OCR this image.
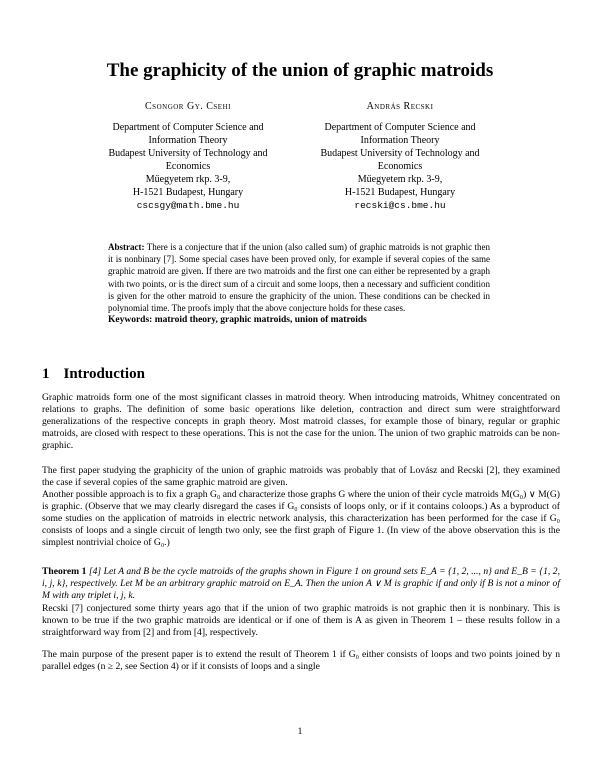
The graphicity of the union of graphic matroids
Csongor Gy. Csehi
Department of Computer Science and
Information Theory
Budapest University of Technology and
Economics
Műegyetem rkp. 3-9,
H-1521 Budapest, Hungary
cscsgy@math.bme.hu
András Recski
Department of Computer Science and
Information Theory
Budapest University of Technology and
Economics
Műegyetem rkp. 3-9,
H-1521 Budapest, Hungary
recski@cs.bme.hu
Abstract: There is a conjecture that if the union (also called sum) of graphic matroids is not graphic then it is nonbinary [7]. Some special cases have been proved only, for example if several copies of the same graphic matroid are given. If there are two matroids and the first one can either be represented by a graph with two points, or is the direct sum of a circuit and some loops, then a necessary and sufficient condition is given for the other matroid to ensure the graphicity of the union. These conditions can be checked in polynomial time. The proofs imply that the above conjecture holds for these cases.
Keywords: matroid theory, graphic matroids, union of matroids
1 Introduction

Graphic matroids form one of the most significant classes in matroid theory. When introducing matroids, Whitney concentrated on relations to graphs. The definition of some basic operations like deletion, contraction and direct sum were straightforward generalizations of the respective concepts in graph theory. Most matroid classes, for example those of binary, regular or graphic matroids, are closed with respect to these operations. This is not the case for the union. The union of two graphic matroids can be non-graphic.

The first paper studying the graphicity of the union of graphic matroids was probably that of Lovász and Recski [2], they examined the case if several copies of the same graphic matroid are given.

Another possible approach is to fix a graph G₀ and characterize those graphs G where the union of their cycle matroids M(G₀) ∨ M(G) is graphic. (Observe that we may clearly disregard the cases if G₀ consists of loops only, or if it contains coloops.) As a byproduct of some studies on the application of matroids in electric network analysis, this characterization has been performed for the case if G₀ consists of loops and a single circuit of length two only, see the first graph of Figure 1. (In view of the above observation this is the simplest nontrivial choice of G₀.)

Theorem 1 [4] Let A and B be the cycle matroids of the graphs shown in Figure 1 on ground sets E_A = {1, 2, ..., n} and E_B = {1, 2, i, j, k}, respectively. Let M be an arbitrary graphic matroid on E_A. Then the union A ∨ M is graphic if and only if B is not a minor of M with any triplet i, j, k.

Recski [7] conjectured some thirty years ago that if the union of two graphic matroids is not graphic then it is nonbinary. This is known to be true if the two graphic matroids are identical or if one of them is A as given in Theorem 1 – these results follow in a straightforward way from [2] and from [4], respectively.

The main purpose of the present paper is to extend the result of Theorem 1 if G₀ either consists of loops and two points joined by n parallel edges (n ≥ 2, see Section 4) or if it consists of loops and a single

1
